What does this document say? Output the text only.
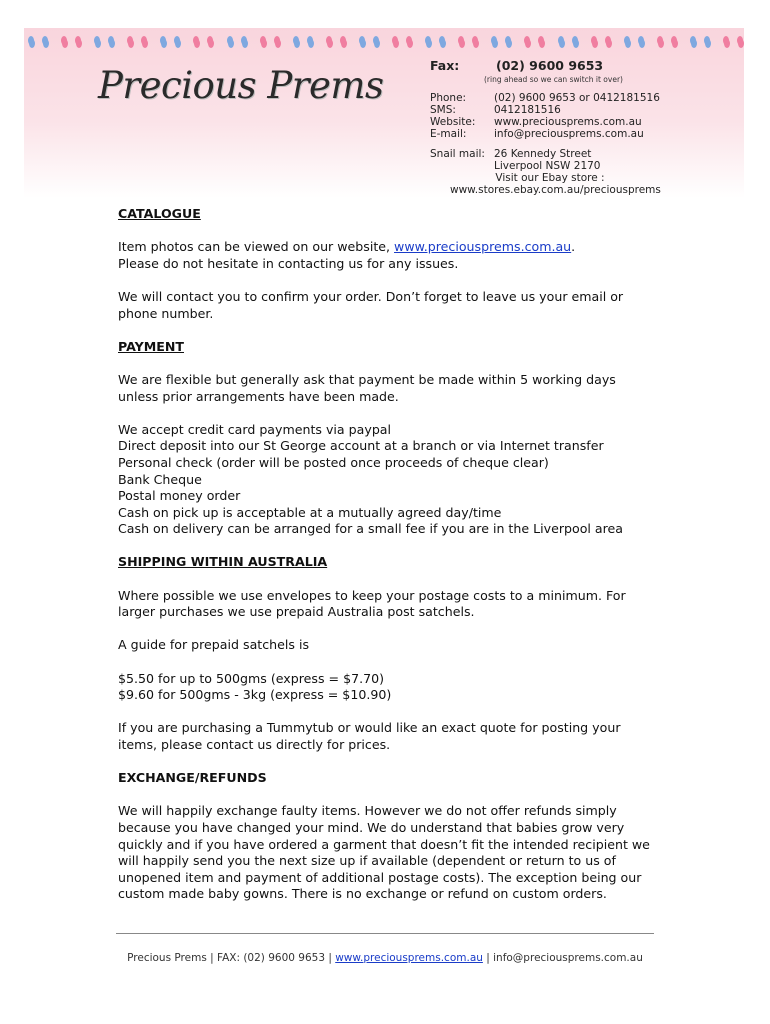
Precious Prems	Fax:	(02) 9600 9653
(ring ahead so we can switch it over)
Phone:	(02) 9600 9653 or 0412181516
SMS:	0412181516
Website:	www.preciousprems.com.au
E-mail:	info@preciousprems.com.au
Snail mail: 26 Kennedy Street
Liverpool NSW 2170
Visit our Ebay store :
www.stores.ebay.com.au/preciousprems

CATALOGUE

Item photos can be viewed on our website, www.preciousprems.com.au.
Please do not hesitate in contacting us for any issues.

We will contact you to confirm your order. Don’t forget to leave us your email or phone number.

PAYMENT

We are flexible but generally ask that payment be made within 5 working days unless prior arrangements have been made.

We accept credit card payments via paypal

Direct deposit into our St George account at a branch or via Internet transfer

Personal check (order will be posted once proceeds of cheque clear)

Bank Cheque

Postal money order

Cash on pick up is acceptable at a mutually agreed day/time

Cash on delivery can be arranged for a small fee if you are in the Liverpool area

SHIPPING WITHIN AUSTRALIA

Where possible we use envelopes to keep your postage costs to a minimum. For larger purchases we use prepaid Australia post satchels.

A guide for prepaid satchels is

$5.50 for up to 500gms (express = $7.70)

$9.60 for 500gms - 3kg (express = $10.90)

If you are purchasing a Tummytub or would like an exact quote for posting your items, please contact us directly for prices.

EXCHANGE/REFUNDS

We will happily exchange faulty items. However we do not offer refunds simply because you have changed your mind. We do understand that babies grow very quickly and if you have ordered a garment that doesn’t fit the intended recipient we will happily send you the next size up if available (dependent or return to us of unopened item and payment of additional postage costs). The exception being our custom made baby gowns. There is no exchange or refund on custom orders.

Precious Prems | FAX: (02) 9600 9653 | www.preciousprems.com.au | info@preciousprems.com.au
